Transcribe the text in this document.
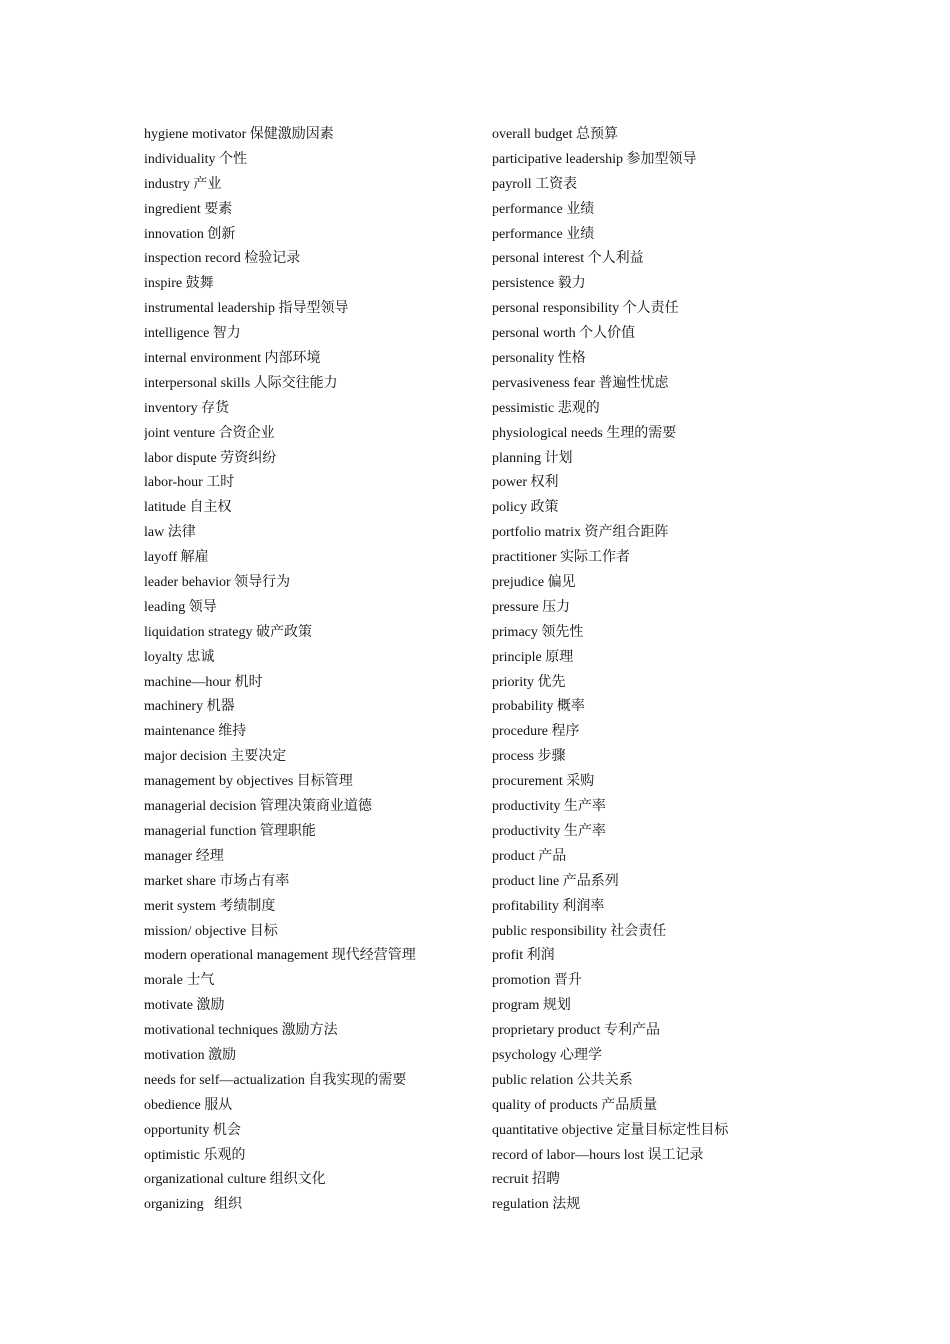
hygiene motivator 保健激励因素
individuality 个性
industry 产业
ingredient 要素
innovation 创新
inspection record 检验记录
inspire 鼓舞
instrumental leadership 指导型领导
intelligence 智力
internal environment 内部环境
interpersonal skills 人际交往能力
inventory 存货
joint venture 合资企业
labor dispute 劳资纠纷
labor-hour 工时
latitude 自主权
law 法律
layoff 解雇
leader behavior 领导行为
leading 领导
liquidation strategy 破产政策
loyalty 忠诚
machine—hour 机时
machinery 机器
maintenance 维持
major decision 主要决定
management by objectives 目标管理
managerial decision 管理决策商业道德
managerial function 管理职能
manager 经理
market share 市场占有率
merit system 考绩制度
mission/ objective 目标
modern operational management 现代经营管理
morale 士气
motivate 激励
motivational techniques 激励方法
motivation 激励
needs for self—actualization 自我实现的需要
obedience 服从
opportunity 机会
optimistic 乐观的
organizational culture 组织文化
organizing   组织
overall budget 总预算
participative leadership 参加型领导
payroll 工资表
performance 业绩
performance 业绩
personal interest 个人利益
persistence 毅力
personal responsibility 个人责任
personal worth 个人价值
personality 性格
pervasiveness fear 普遍性忧虑
pessimistic 悲观的
physiological needs 生理的需要
planning 计划
power 权利
policy 政策
portfolio matrix 资产组合距阵
practitioner 实际工作者
prejudice 偏见
pressure 压力
primacy 领先性
principle 原理
priority 优先
probability 概率
procedure 程序
process 步骤
procurement 采购
productivity 生产率
productivity 生产率
product 产品
product line 产品系列
profitability 利润率
public responsibility 社会责任
profit 利润
promotion 晋升
program 规划
proprietary product 专利产品
psychology 心理学
public relation 公共关系
quality of products 产品质量
quantitative objective 定量目标定性目标
record of labor—hours lost 误工记录
recruit 招聘
regulation 法规
